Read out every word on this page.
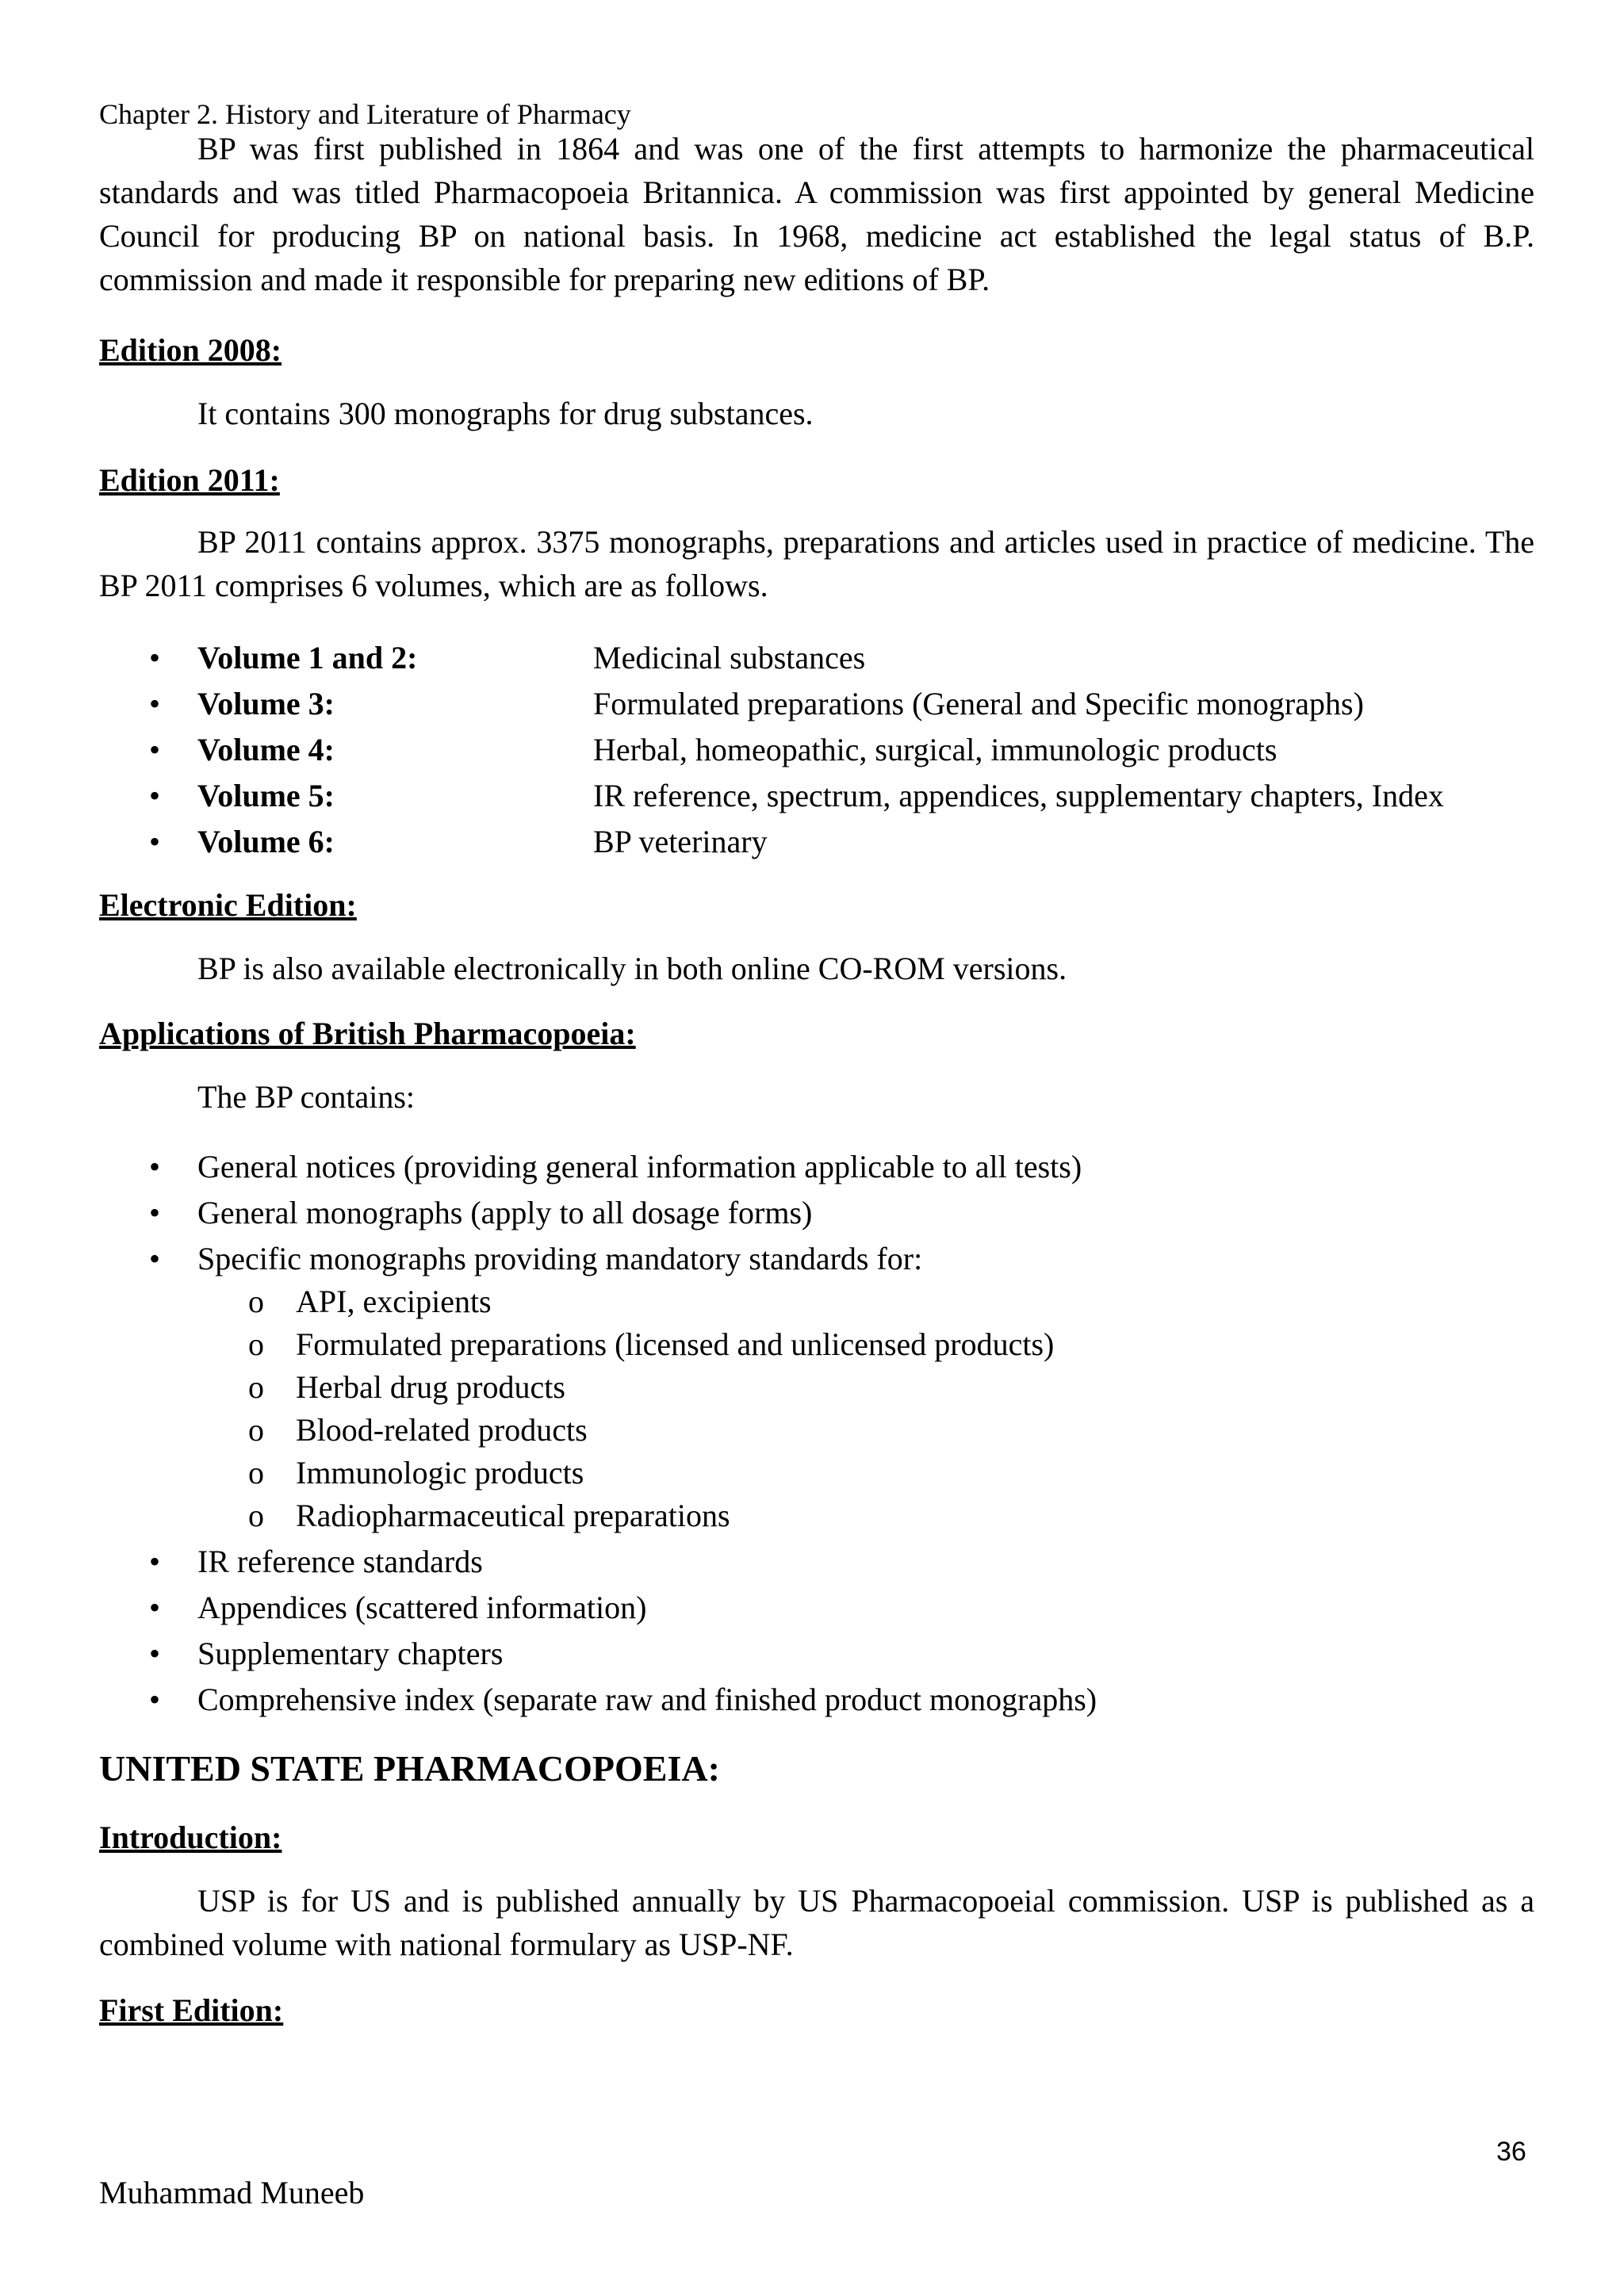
Chapter 2. History and Literature of Pharmacy

BP was first published in 1864 and was one of the first attempts to harmonize the pharmaceutical standards and was titled Pharmacopoeia Britannica. A commission was first appointed by general Medicine Council for producing BP on national basis. In 1968, medicine act established the legal status of B.P. commission and made it responsible for preparing new editions of BP.

Edition 2008:
It contains 300 monographs for drug substances.
Edition 2011:

BP 2011 contains approx. 3375 monographs, preparations and articles used in practice of medicine. The BP 2011 comprises 6 volumes, which are as follows.

• Volume 1 and 2:	Medicinal substances
• Volume 3:	Formulated preparations (General and Specific monographs)
• Volume 4:	Herbal, homeopathic, surgical, immunologic products
• Volume 5:	IR reference, spectrum, appendices, supplementary chapters, Index
• Volume 6:	BP veterinary
Electronic Edition:
BP is also available electronically in both online CO-ROM versions.
Applications of British Pharmacopoeia:
The BP contains:
• General notices (providing general information applicable to all tests)
• General monographs (apply to all dosage forms)
• Specific monographs providing mandatory standards for:
o API, excipients
o Formulated preparations (licensed and unlicensed products)
o Herbal drug products
o Blood-related products
o Immunologic products
o Radiopharmaceutical preparations
• IR reference standards
• Appendices (scattered information)
• Supplementary chapters
• Comprehensive index (separate raw and finished product monographs)
UNITED STATE PHARMACOPOEIA:
Introduction:

USP is for US and is published annually by US Pharmacopoeial commission. USP is published as a combined volume with national formulary as USP-NF.

First Edition:
36
Muhammad Muneeb
